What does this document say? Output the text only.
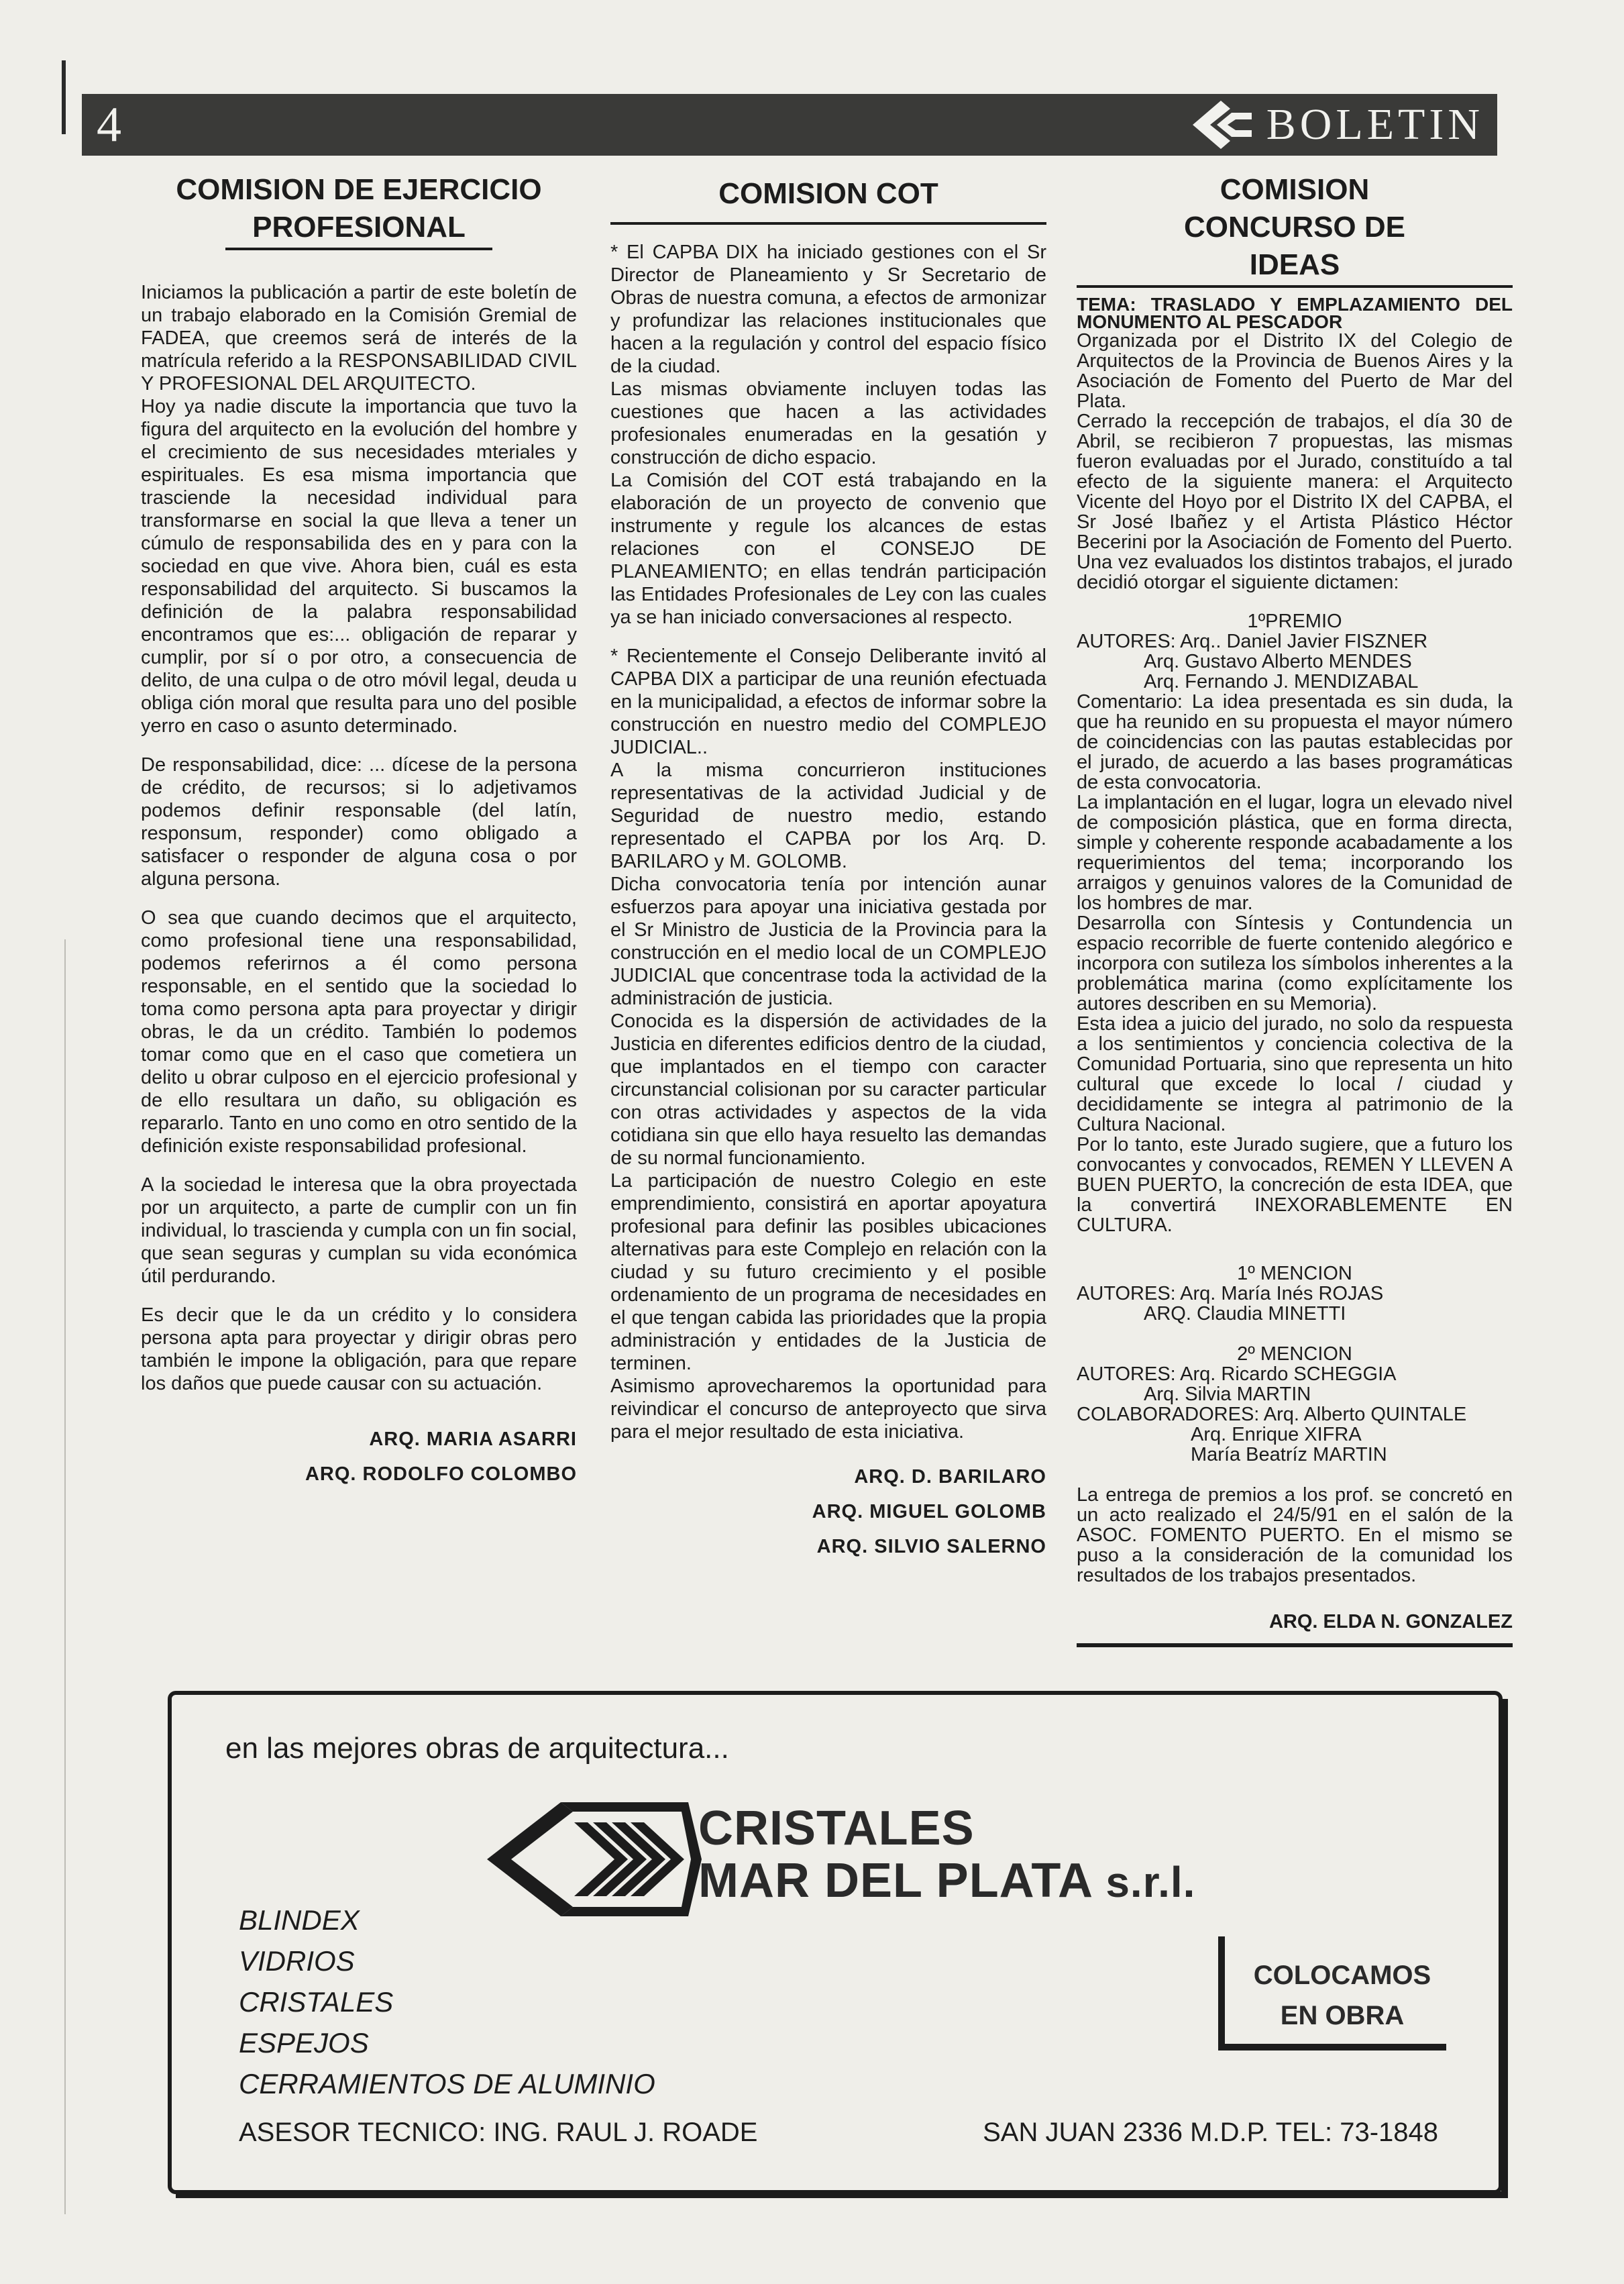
4	BOLETIN
COMISION DE EJERCICIO
PROFESIONAL

Iniciamos la publicación a partir de este boletín de un trabajo elaborado en la Comisión Gremial de FADEA, que creemos será de interés de la matrícula referido a la RESPONSABILIDAD CIVIL Y PROFESIONAL DEL ARQUITECTO.
Hoy ya nadie discute la importancia que tuvo la figura del arquitecto en la evolución del hombre y el crecimiento de sus necesidades mteriales y espirituales. Es esa misma importancia que trasciende la necesidad individual para transformarse en social la que lleva a tener un cúmulo de responsabilida des en y para con la sociedad en que vive. Ahora bien, cuál es esta responsabilidad del arquitecto. Si buscamos la definición de la palabra responsabilidad encontramos que es:... obligación de reparar y cumplir, por sí o por otro, a consecuencia de delito, de una culpa o de otro móvil legal, deuda u obliga ción moral que resulta para uno del posible yerro en caso o asunto determinado.

De responsabilidad, dice: ... dícese de la persona de crédito, de recursos; si lo adjetivamos podemos definir responsable (del latín, responsum, responder) como obligado a satisfacer o responder de alguna cosa o por alguna persona.

O sea que cuando decimos que el arquitecto, como profesional tiene una responsabilidad, podemos referirnos a él como persona responsable, en el sentido que la sociedad lo toma como persona apta para proyectar y dirigir obras, le da un crédito. También lo podemos tomar como que en el caso que cometiera un delito u obrar culposo en el ejercicio profesional y de ello resultara un daño, su obligación es repararlo. Tanto en uno como en otro sentido de la definición existe responsabilidad profesional.

A la sociedad le interesa que la obra proyectada por un arquitecto, a parte de cumplir con un fin individual, lo trascienda y cumpla con un fin social, que sean seguras y cumplan su vida económica útil perdurando.

Es decir que le da un crédito y lo considera persona apta para proyectar y dirigir obras pero también le impone la obligación, para que repare los daños que puede causar con su actuación.

ARQ. MARIA ASARRI
ARQ. RODOLFO COLOMBO
COMISION COT

* El CAPBA DIX ha iniciado gestiones con el Sr Director de Planeamiento y Sr Secretario de Obras de nuestra comuna, a efectos de armonizar y profundizar las relaciones institucionales que hacen a la regulación y control del espacio físico de la ciudad.
Las mismas obviamente incluyen todas las cuestiones que hacen a las actividades profesionales enumeradas en la gesatión y construcción de dicho espacio.
La Comisión del COT está trabajando en la elaboración de un proyecto de convenio que instrumente y regule los alcances de estas relaciones con el CONSEJO DE PLANEAMIENTO; en ellas tendrán participación las Entidades Profesionales de Ley con las cuales ya se han iniciado conversaciones al respecto.

* Recientemente el Consejo Deliberante invitó al CAPBA DIX a participar de una reunión efectuada en la municipalidad, a efectos de informar sobre la construcción en nuestro medio del COMPLEJO JUDICIAL..
A la misma concurrieron instituciones representativas de la actividad Judicial y de Seguridad de nuestro medio, estando representado el CAPBA por los Arq. D. BARILARO y M. GOLOMB.
Dicha convocatoria tenía por intención aunar esfuerzos para apoyar una iniciativa gestada por el Sr Ministro de Justicia de la Provincia para la construcción en el medio local de un COMPLEJO JUDICIAL que concentrase toda la actividad de la administración de justicia.
Conocida es la dispersión de actividades de la Justicia en diferentes edificios dentro de la ciudad, que implantados en el tiempo con caracter circunstancial colisionan por su caracter particular con otras actividades y aspectos de la vida cotidiana sin que ello haya resuelto las demandas de su normal funcionamiento.
La participación de nuestro Colegio en este emprendimiento, consistirá en aportar apoyatura profesional para definir las posibles ubicaciones alternativas para este Complejo en relación con la ciudad y su futuro crecimiento y el posible ordenamiento de un programa de necesidades en el que tengan cabida las prioridades que la propia administración y entidades de la Justicia de terminen.
Asimismo aprovecharemos la oportunidad para reivindicar el concurso de anteproyecto que sirva para el mejor resultado de esta iniciativa.

ARQ. D. BARILARO
ARQ. MIGUEL GOLOMB
ARQ. SILVIO SALERNO
COMISION
CONCURSO DE IDEAS

TEMA: TRASLADO Y EMPLAZAMIENTO DEL MONUMENTO AL PESCADOR

Organizada por el Distrito IX del Colegio de Arquitectos de la Provincia de Buenos Aires y la Asociación de Fomento del Puerto de Mar del Plata.
Cerrado la reccepción de trabajos, el día 30 de Abril, se recibieron 7 propuestas, las mismas fueron evaluadas por el Jurado, constituído a tal efecto de la siguiente manera: el Arquitecto Vicente del Hoyo por el Distrito IX del CAPBA, el Sr José Ibañez y el Artista Plástico Héctor Becerini por la Asociación de Fomento del Puerto. Una vez evaluados los distintos trabajos, el jurado decidió otorgar el siguiente dictamen:

1ºPREMIO

AUTORES: Arq.. Daniel Javier FISZNER

Arq. Gustavo Alberto MENDES

Arq. Fernando J. MENDIZABAL

Comentario: La idea presentada es sin duda, la que ha reunido en su propuesta el mayor número de coincidencias con las pautas establecidas por el jurado, de acuerdo a las bases programáticas de esta convocatoria.
La implantación en el lugar, logra un elevado nivel de composición plástica, que en forma directa, simple y coherente responde acabadamente a los requerimientos del tema; incorporando los arraigos y genuinos valores de la Comunidad de los hombres de mar.
Desarrolla con Síntesis y Contundencia un espacio recorrible de fuerte contenido alegórico e incorpora con sutileza los símbolos inherentes a la problemática marina (como explícitamente los autores describen en su Memoria).
Esta idea a juicio del jurado, no solo da respuesta a los sentimientos y conciencia colectiva de la Comunidad Portuaria, sino que representa un hito cultural que excede lo local / ciudad y decididamente se integra al patrimonio de la Cultura Nacional.
Por lo tanto, este Jurado sugiere, que a futuro los convocantes y convocados, REMEN Y LLEVEN A BUEN PUERTO, la concreción de esta IDEA, que la convertirá INEXORABLEMENTE EN CULTURA.

1º MENCION

AUTORES: Arq. María Inés ROJAS

ARQ. Claudia MINETTI

2º MENCION

AUTORES: Arq. Ricardo SCHEGGIA

Arq. Silvia MARTIN

COLABORADORES: Arq. Alberto QUINTALE

Arq. Enrique XIFRA

María Beatríz MARTIN

La entrega de premios a los prof. se concretó en un acto realizado el 24/5/91 en el salón de la ASOC. FOMENTO PUERTO. En el mismo se puso a la consideración de la comunidad los resultados de los trabajos presentados.

ARQ. ELDA N. GONZALEZ
en las mejores obras de arquitectura...
CRISTALES
MAR DEL PLATA s.r.l.
BLINDEX
VIDRIOS
CRISTALES
ESPEJOS
CERRAMIENTOS DE ALUMINIO
COLOCAMOS
EN OBRA
ASESOR TECNICO: ING. RAUL J. ROADE	SAN JUAN 2336 M.D.P. TEL: 73-1848
